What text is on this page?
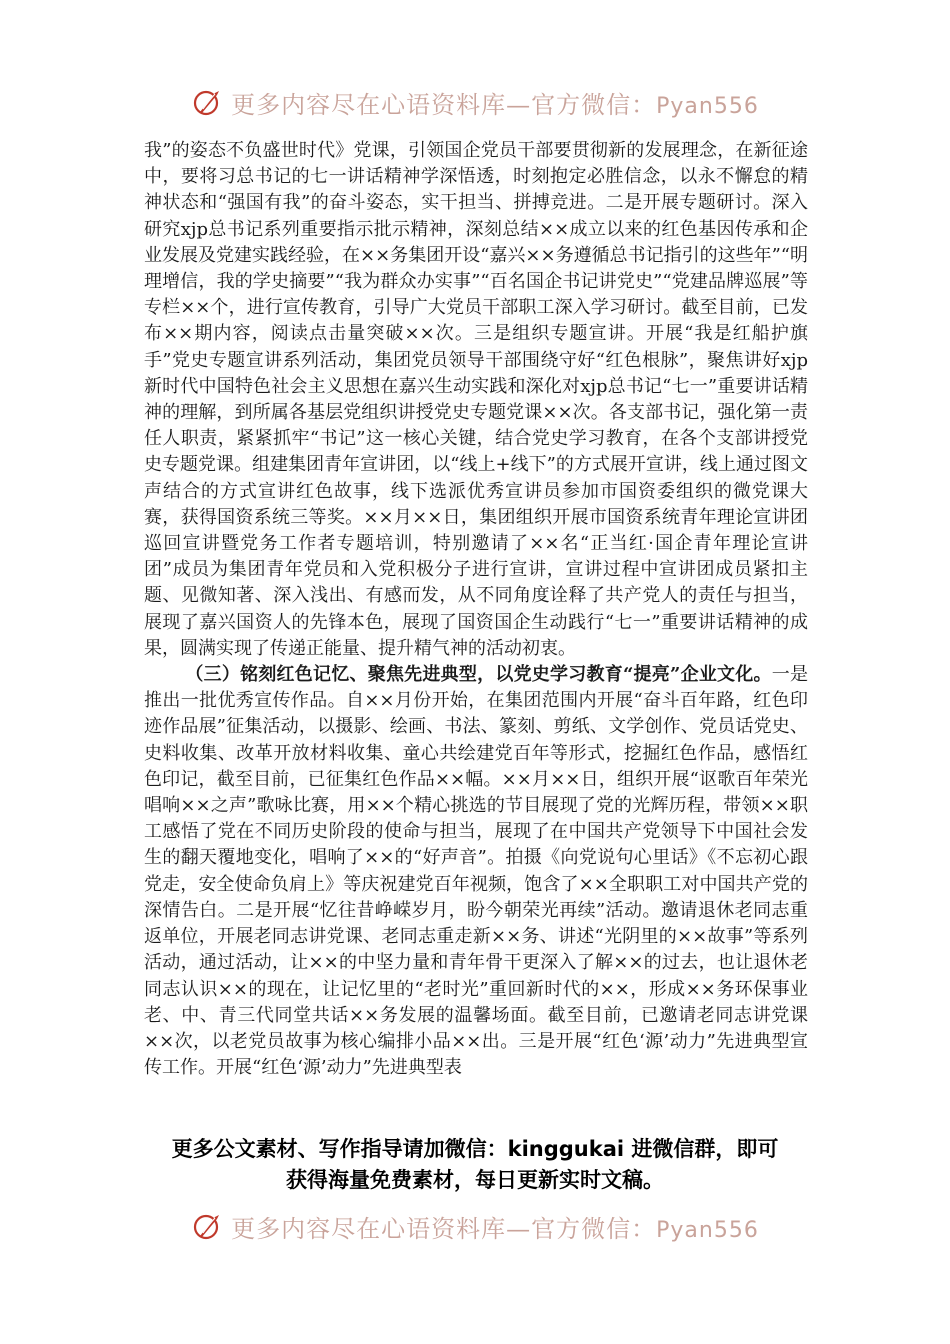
更多内容尽在心语资料库—官方微信：Pyan556

我”的姿态不负盛世时代》党课，引领国企党员干部要贯彻新的发展理念，在新征途中，要将习总书记的七一讲话精神学深悟透，时刻抱定必胜信念，以永不懈怠的精神状态和“强国有我”的奋斗姿态，实干担当、拼搏竞进。二是开展专题研讨。深入研究xjp总书记系列重要指示批示精神，深刻总结××成立以来的红色基因传承和企业发展及党建实践经验，在××务集团开设“嘉兴××务遵循总书记指引的这些年”“明理增信，我的学史摘要”“我为群众办实事”“百名国企书记讲党史”“党建品牌巡展”等专栏××个，进行宣传教育，引导广大党员干部职工深入学习研讨。截至目前，已发布××期内容，阅读点击量突破××次。三是组织专题宣讲。开展“我是红船护旗手”党史专题宣讲系列活动，集团党员领导干部围绕守好“红色根脉”，聚焦讲好xjp新时代中国特色社会主义思想在嘉兴生动实践和深化对xjp总书记“七一”重要讲话精神的理解，到所属各基层党组织讲授党史专题党课××次。各支部书记，强化第一责任人职责，紧紧抓牢“书记”这一核心关键，结合党史学习教育，在各个支部讲授党史专题党课。组建集团青年宣讲团，以“线上+线下”的方式展开宣讲，线上通过图文声结合的方式宣讲红色故事，线下选派优秀宣讲员参加市国资委组织的微党课大赛，获得国资系统三等奖。××月××日，集团组织开展市国资系统青年理论宣讲团巡回宣讲暨党务工作者专题培训，特别邀请了××名“正当红·国企青年理论宣讲团”成员为集团青年党员和入党积极分子进行宣讲，宣讲过程中宣讲团成员紧扣主题、见微知著、深入浅出、有感而发，从不同角度诠释了共产党人的责任与担当，展现了嘉兴国资人的先锋本色，展现了国资国企生动践行“七一”重要讲话精神的成果，圆满实现了传递正能量、提升精气神的活动初衷。

（三）铭刻红色记忆、聚焦先进典型，以党史学习教育“提亮”企业文化。一是推出一批优秀宣传作品。自××月份开始，在集团范围内开展“奋斗百年路，红色印迹作品展”征集活动，以摄影、绘画、书法、篆刻、剪纸、文学创作、党员话党史、史料收集、改革开放材料收集、童心共绘建党百年等形式，挖掘红色作品，感悟红色印记，截至目前，已征集红色作品××幅。××月××日，组织开展“讴歌百年荣光 唱响××之声”歌咏比赛，用××个精心挑选的节目展现了党的光辉历程，带领××职工感悟了党在不同历史阶段的使命与担当，展现了在中国共产党领导下中国社会发生的翻天覆地变化，唱响了××的“好声音”。拍摄《向党说句心里话》《不忘初心跟党走，安全使命负肩上》等庆祝建党百年视频，饱含了××全职职工对中国共产党的深情告白。二是开展“忆往昔峥嵘岁月，盼今朝荣光再续”活动。邀请退休老同志重返单位，开展老同志讲党课、老同志重走新××务、讲述“光阴里的××故事”等系列活动，通过活动，让××的中坚力量和青年骨干更深入了解××的过去，也让退休老同志认识××的现在，让记忆里的“老时光”重回新时代的××，形成××务环保事业老、中、青三代同堂共话××务发展的温馨场面。截至目前，已邀请老同志讲党课××次，以老党员故事为核心编排小品××出。三是开展“红色‘源’动力”先进典型宣传工作。开展“红色‘源’动力”先进典型表

更多公文素材、写作指导请加微信：kinggukai 进微信群，即可
获得海量免费素材，每日更新实时文稿。
更多内容尽在心语资料库—官方微信：Pyan556
